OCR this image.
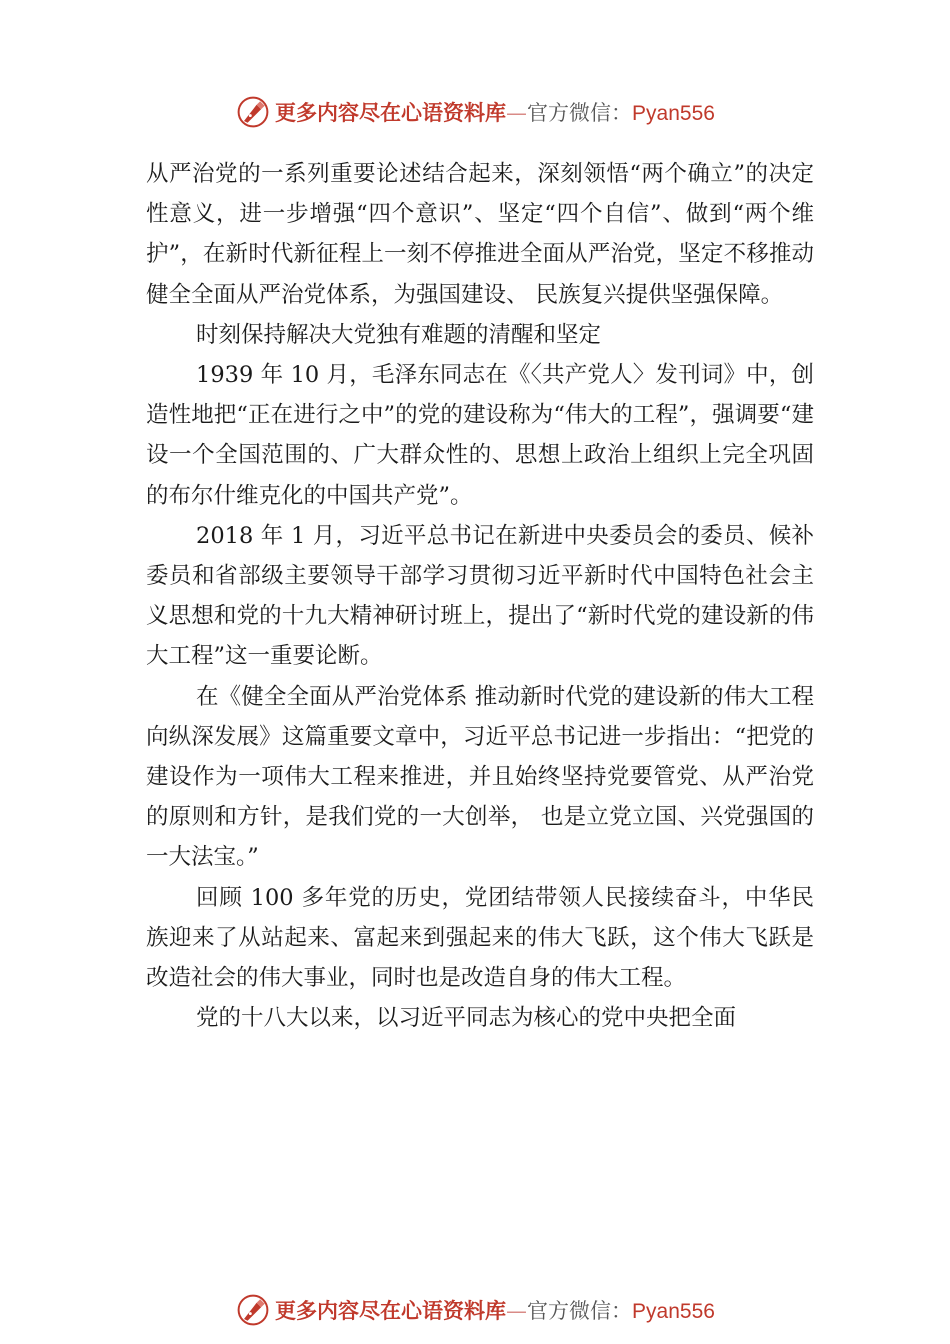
更多内容尽在心语资料库—官方微信：Pyan556

从严治党的一系列重要论述结合起来，深刻领悟“两个确立”的决定性意义，进一步增强“四个意识”、坚定“四个自信”、做到“两个维护”，在新时代新征程上一刻不停推进全面从严治党，坚定不移推动健全全面从严治党体系，为强国建设、 民族复兴提供坚强保障。

时刻保持解决大党独有难题的清醒和坚定

1939 年 10 月，毛泽东同志在《〈共产党人〉发刊词》中，创造性地把“正在进行之中”的党的建设称为“伟大的工程”，强调要“建设一个全国范围的、广大群众性的、思想上政治上组织上完全巩固的布尔什维克化的中国共产党”。

2018 年 1 月，习近平总书记在新进中央委员会的委员、候补委员和省部级主要领导干部学习贯彻习近平新时代中国特色社会主义思想和党的十九大精神研讨班上，提出了“新时代党的建设新的伟大工程”这一重要论断。

在《健全全面从严治党体系 推动新时代党的建设新的伟大工程向纵深发展》这篇重要文章中，习近平总书记进一步指出：“把党的建设作为一项伟大工程来推进，并且始终坚持党要管党、从严治党的原则和方针，是我们党的一大创举， 也是立党立国、兴党强国的一大法宝。”

回顾 100 多年党的历史，党团结带领人民接续奋斗，中华民族迎来了从站起来、富起来到强起来的伟大飞跃，这个伟大飞跃是改造社会的伟大事业，同时也是改造自身的伟大工程。

党的十八大以来，以习近平同志为核心的党中央把全面

更多内容尽在心语资料库—官方微信：Pyan556
